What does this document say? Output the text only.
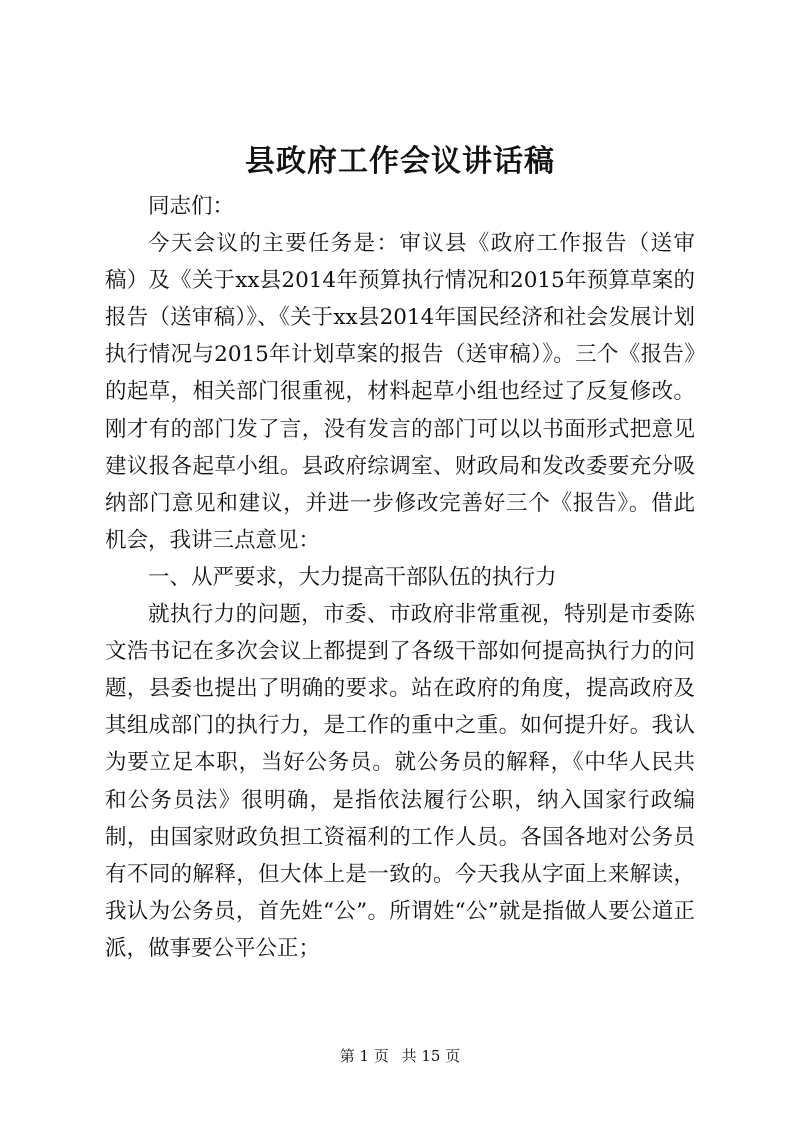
县政府工作会议讲话稿

同志们：

今天会议的主要任务是：审议县《政府工作报告（送审稿）及《关于xx县2014年预算执行情况和2015年预算草案的报告（送审稿）》、《关于xx县2014年国民经济和社会发展计划执行情况与2015年计划草案的报告（送审稿）》。三个《报告》的起草，相关部门很重视，材料起草小组也经过了反复修改。刚才有的部门发了言，没有发言的部门可以以书面形式把意见建议报各起草小组。县政府综调室、财政局和发改委要充分吸纳部门意见和建议，并进一步修改完善好三个《报告》。借此机会，我讲三点意见：

一、从严要求，大力提高干部队伍的执行力

就执行力的问题，市委、市政府非常重视，特别是市委陈文浩书记在多次会议上都提到了各级干部如何提高执行力的问题，县委也提出了明确的要求。站在政府的角度，提高政府及其组成部门的执行力，是工作的重中之重。如何提升好。我认为要立足本职，当好公务员。就公务员的解释，《中华人民共和公务员法》很明确，是指依法履行公职，纳入国家行政编制，由国家财政负担工资福利的工作人员。各国各地对公务员有不同的解释，但大体上是一致的。今天我从字面上来解读，我认为公务员，首先姓“公”。所谓姓“公”就是指做人要公道正派，做事要公平公正；

第 1 页 共 15 页
